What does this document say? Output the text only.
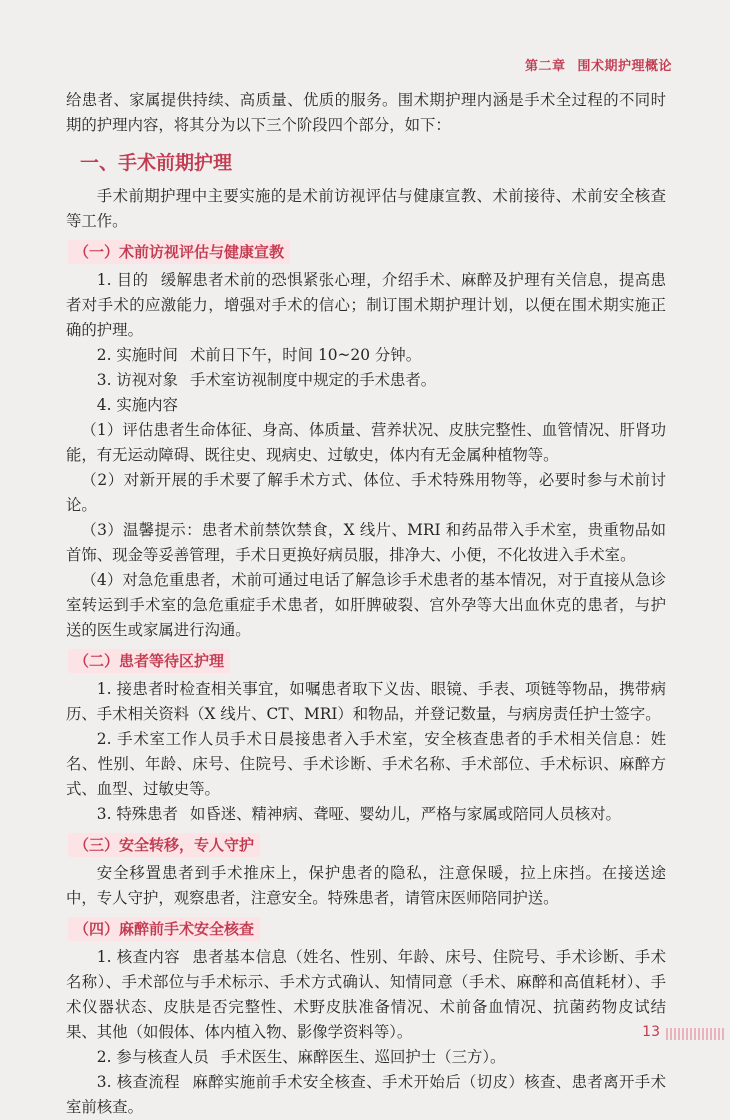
第二章 围术期护理概论

给患者、家属提供持续、高质量、优质的服务。围术期护理内涵是手术全过程的不同时期的护理内容，将其分为以下三个阶段四个部分，如下：

一、手术前期护理

手术前期护理中主要实施的是术前访视评估与健康宣教、术前接待、术前安全核查等工作。

（一）术前访视评估与健康宣教

1. 目的 缓解患者术前的恐惧紧张心理，介绍手术、麻醉及护理有关信息，提高患者对手术的应激能力，增强对手术的信心；制订围术期护理计划，以便在围术期实施正确的护理。

2. 实施时间 术前日下午，时间 10~20 分钟。

3. 访视对象 手术室访视制度中规定的手术患者。

4. 实施内容

（1）评估患者生命体征、身高、体质量、营养状况、皮肤完整性、血管情况、肝肾功能，有无运动障碍、既往史、现病史、过敏史，体内有无金属种植物等。

（2）对新开展的手术要了解手术方式、体位、手术特殊用物等，必要时参与术前讨论。

（3）温馨提示：患者术前禁饮禁食，X 线片、MRI 和药品带入手术室，贵重物品如首饰、现金等妥善管理，手术日更换好病员服，排净大、小便，不化妆进入手术室。

（4）对急危重患者，术前可通过电话了解急诊手术患者的基本情况，对于直接从急诊室转运到手术室的急危重症手术患者，如肝脾破裂、宫外孕等大出血休克的患者，与护送的医生或家属进行沟通。

（二）患者等待区护理

1. 接患者时检查相关事宜，如嘱患者取下义齿、眼镜、手表、项链等物品，携带病历、手术相关资料（X 线片、CT、MRI）和物品，并登记数量，与病房责任护士签字。

2. 手术室工作人员手术日晨接患者入手术室，安全核查患者的手术相关信息：姓名、性别、年龄、床号、住院号、手术诊断、手术名称、手术部位、手术标识、麻醉方式、血型、过敏史等。

3. 特殊患者 如昏迷、精神病、聋哑、婴幼儿，严格与家属或陪同人员核对。

（三）安全转移，专人守护

安全移置患者到手术推床上，保护患者的隐私，注意保暖，拉上床挡。在接送途中，专人守护，观察患者，注意安全。特殊患者，请管床医师陪同护送。

（四）麻醉前手术安全核查

1. 核查内容 患者基本信息（姓名、性别、年龄、床号、住院号、手术诊断、手术名称）、手术部位与手术标示、手术方式确认、知情同意（手术、麻醉和高值耗材）、手术仪器状态、皮肤是否完整性、术野皮肤准备情况、术前备血情况、抗菌药物皮试结果、其他（如假体、体内植入物、影像学资料等）。

2. 参与核查人员 手术医生、麻醉医生、巡回护士（三方）。

3. 核查流程 麻醉实施前手术安全核查、手术开始后（切皮）核查、患者离开手术室前核查。

13
